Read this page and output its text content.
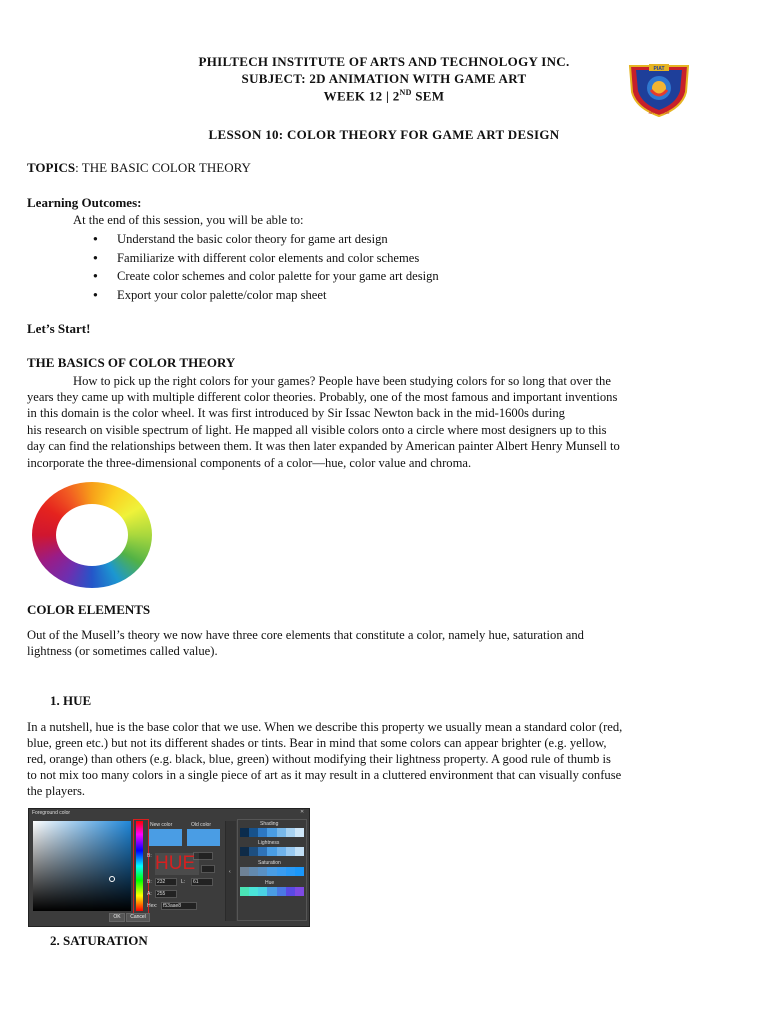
PHILTECH INSTITUTE OF ARTS AND TECHNOLOGY INC.
SUBJECT: 2D ANIMATION WITH GAME ART
WEEK 12 | 2ND SEM
PIAT
APPARATUS
LESSON 10: COLOR THEORY FOR GAME ART DESIGN
TOPICS: THE BASIC COLOR THEORY
Learning Outcomes:
At the end of this session, you will be able to:
● Understand the basic color theory for game art design
● Familiarize with different color elements and color schemes
● Create color schemes and color palette for your game art design
● Export your color palette/color map sheet
Let’s Start!
THE BASICS OF COLOR THEORY
How to pick up the right colors for your games? People have been studying colors for so long that over the
years they came up with multiple different color theories. Probably, one of the most famous and important inventions
in this domain is the color wheel. It was first introduced by Sir Issac Newton back in the mid-1600s during
his research on visible spectrum of light. He mapped all visible colors onto a circle where most designers up to this
day can find the relationships between them. It was then later expanded by American painter Albert Henry Munsell to
incorporate the three-dimensional components of a color—hue, color value and chroma.
COLOR ELEMENTS
Out of the Musell’s theory we now have three core elements that constitute a color, namely hue, saturation and
lightness (or sometimes called value).
1. HUE
In a nutshell, hue is the base color that we use. When we describe this property we usually mean a standard color (red,
blue, green etc.) but not its different shades or tints. Bear in mind that some colors can appear brighter (e.g. yellow,
red, orange) than others (e.g. black, blue, green) without modifying their lightness property. A good rule of thumb is
to not mix too many colors in a single piece of art as it may result in a cluttered environment that can visually confuse
the players.
Foreground color	✕
New color	Old color
B: HUE
B:	232	L:	61
A:	255
Hex:	f53aae8
OK	Cancel
‹
Shading
Lightness
Saturation
Hue
2. SATURATION
